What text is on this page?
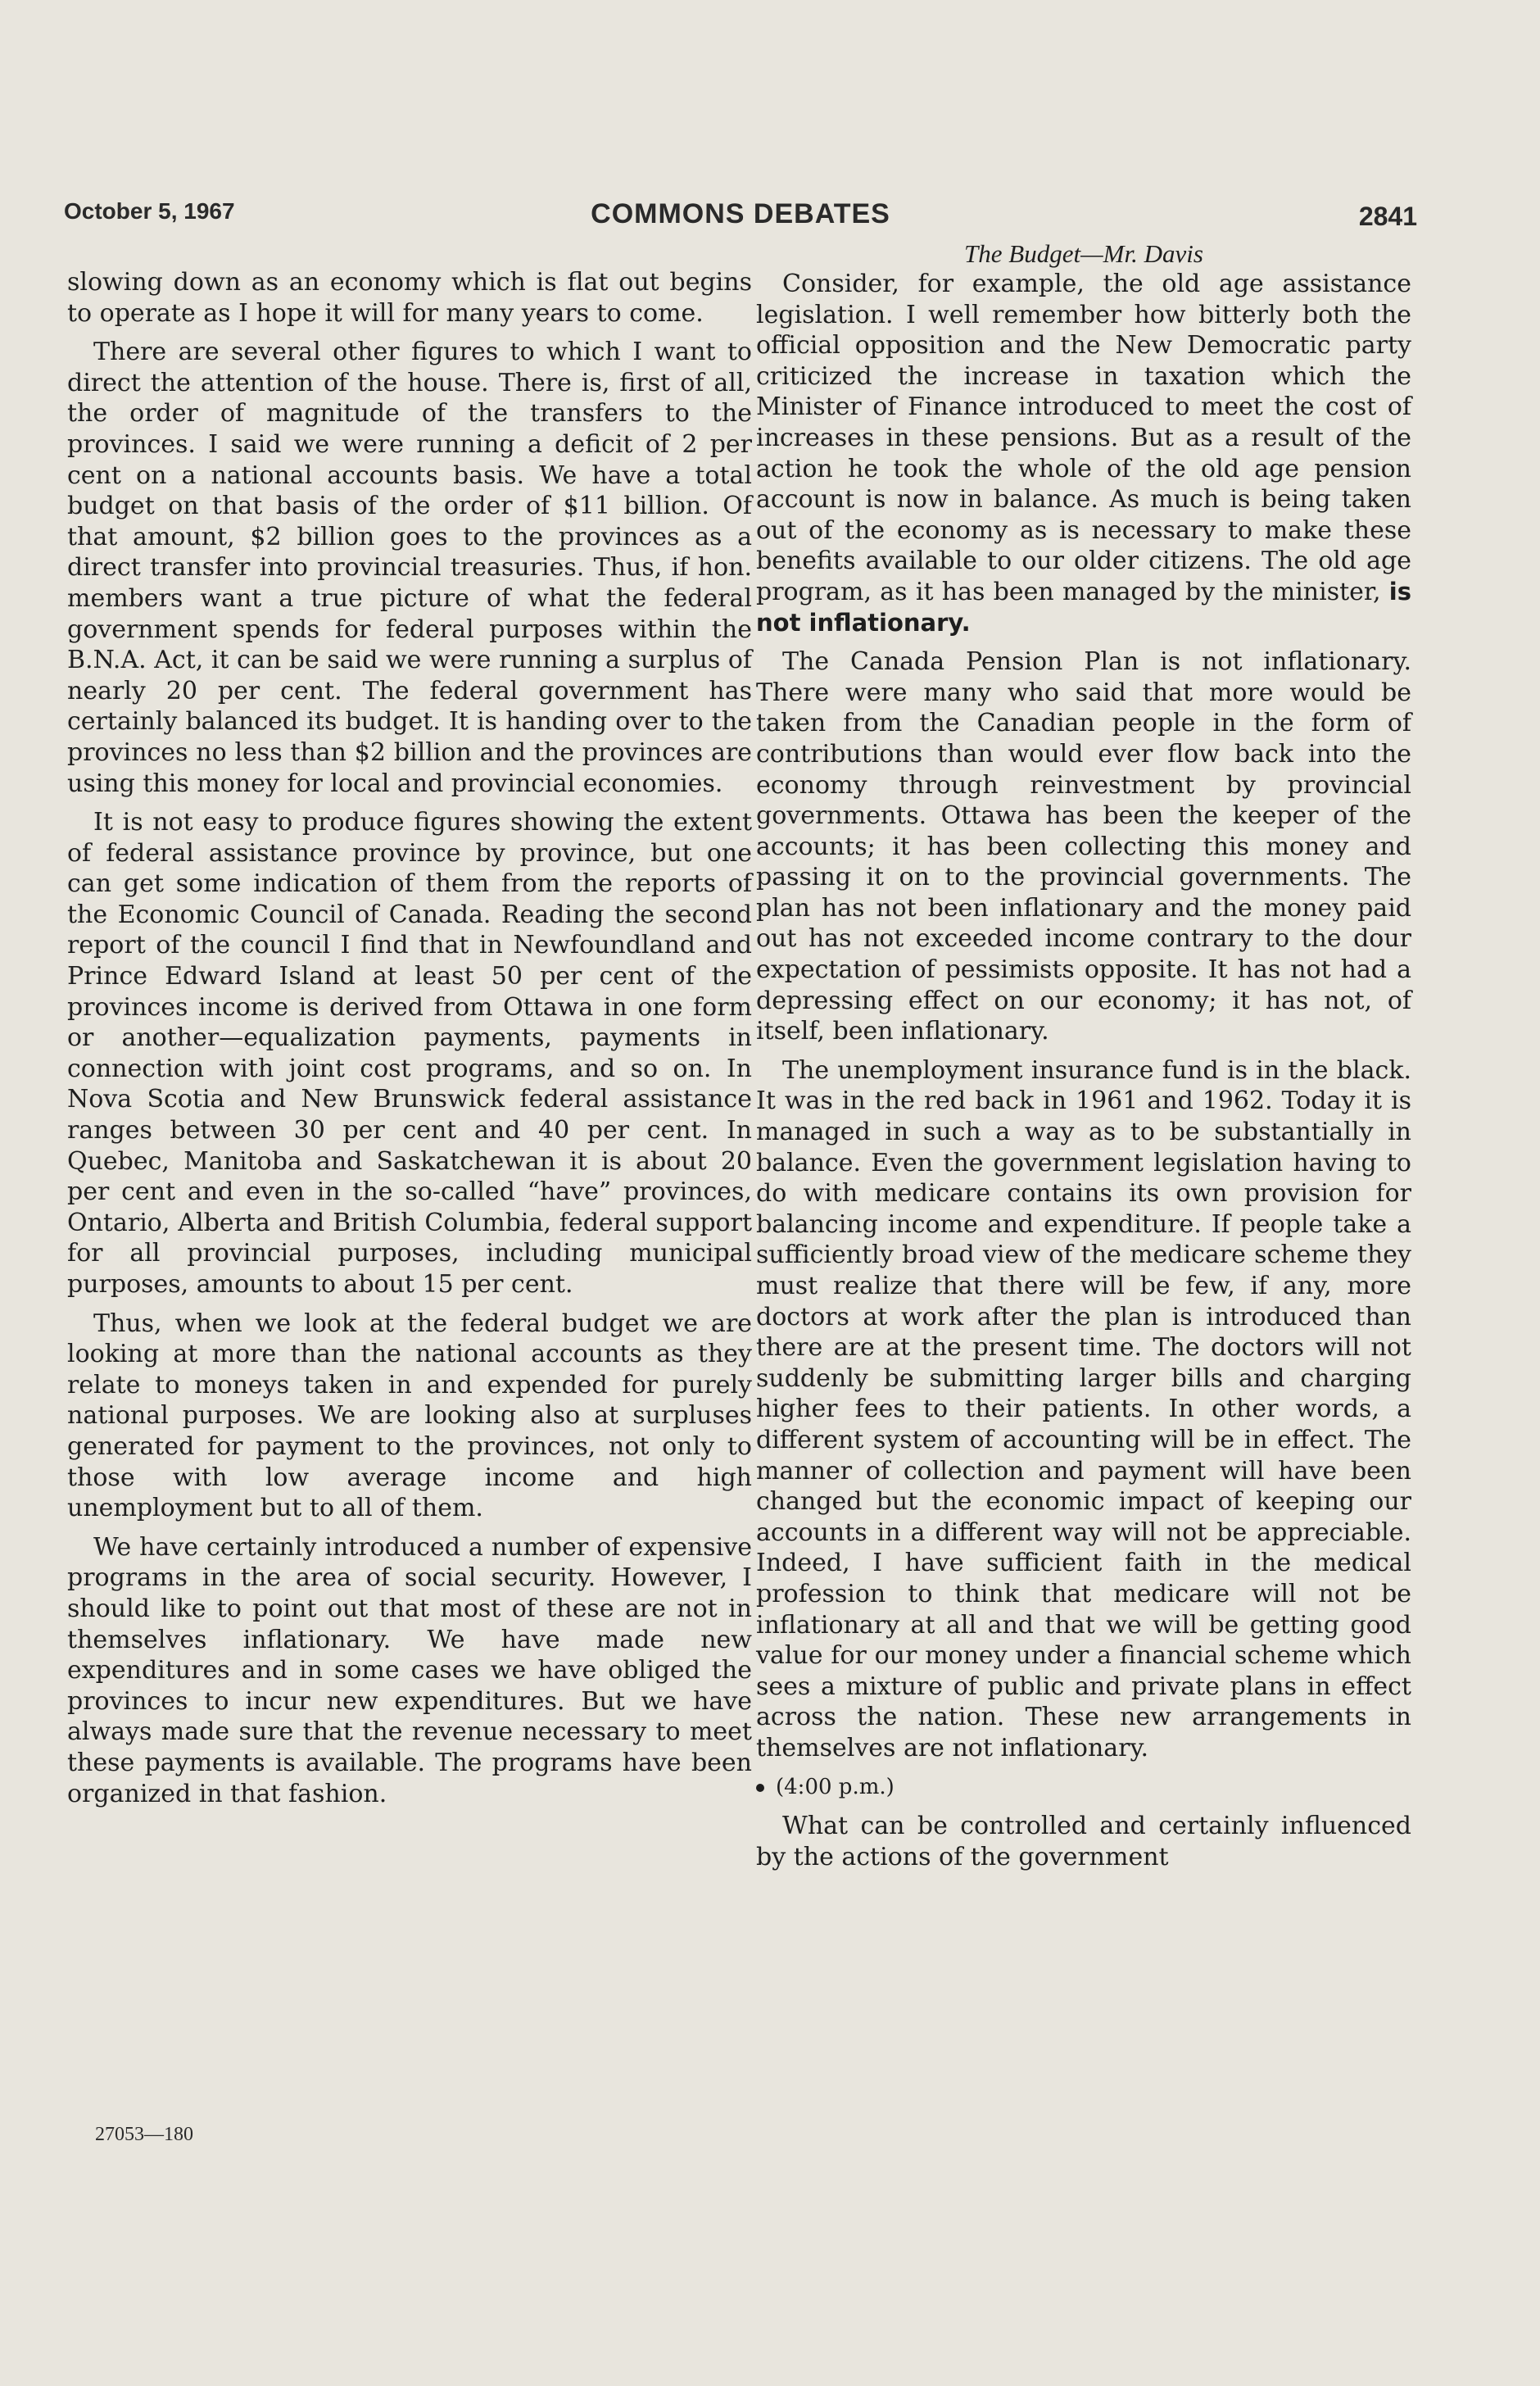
October 5, 1967	COMMONS DEBATES	2841

slowing down as an economy which is flat out begins to operate as I hope it will for many years to come.

There are several other figures to which I want to direct the attention of the house. There is, first of all, the order of magnitude of the transfers to the provinces. I said we were running a deficit of 2 per cent on a national accounts basis. We have a total budget on that basis of the order of $11 billion. Of that amount, $2 billion goes to the provinces as a direct transfer into provincial treasuries. Thus, if hon. members want a true picture of what the federal government spends for federal purposes within the B.N.A. Act, it can be said we were running a surplus of nearly 20 per cent. The federal government has certainly balanced its budget. It is handing over to the provinces no less than $2 billion and the provinces are using this money for local and provincial economies.

It is not easy to produce figures showing the extent of federal assistance province by province, but one can get some indication of them from the reports of the Economic Council of Canada. Reading the second report of the council I find that in Newfoundland and Prince Edward Island at least 50 per cent of the provinces income is derived from Ottawa in one form or another—equalization payments, payments in connection with joint cost programs, and so on. In Nova Scotia and New Brunswick federal assistance ranges between 30 per cent and 40 per cent. In Quebec, Manitoba and Saskatchewan it is about 20 per cent and even in the so-called “have” provinces, Ontario, Alberta and British Columbia, federal support for all provincial purposes, including municipal purposes, amounts to about 15 per cent.

Thus, when we look at the federal budget we are looking at more than the national accounts as they relate to moneys taken in and expended for purely national purposes. We are looking also at surpluses generated for payment to the provinces, not only to those with low average income and high unemployment but to all of them.

We have certainly introduced a number of expensive programs in the area of social security. However, I should like to point out that most of these are not in themselves inflationary. We have made new expenditures and in some cases we have obliged the provinces to incur new expenditures. But we have always made sure that the revenue necessary to meet these payments is available. The programs have been organized in that fashion.

The Budget—Mr. Davis

Consider, for example, the old age assistance legislation. I well remember how bitterly both the official opposition and the New Democratic party criticized the increase in taxation which the Minister of Finance introduced to meet the cost of increases in these pensions. But as a result of the action he took the whole of the old age pension account is now in balance. As much is being taken out of the economy as is necessary to make these benefits available to our older citizens. The old age program, as it has been managed by the minister, is not inflationary.

The Canada Pension Plan is not inflationary. There were many who said that more would be taken from the Canadian people in the form of contributions than would ever flow back into the economy through reinvestment by provincial governments. Ottawa has been the keeper of the accounts; it has been collecting this money and passing it on to the provincial governments. The plan has not been inflationary and the money paid out has not exceeded income contrary to the dour expectation of pessimists opposite. It has not had a depressing effect on our economy; it has not, of itself, been inflationary.

The unemployment insurance fund is in the black. It was in the red back in 1961 and 1962. Today it is managed in such a way as to be substantially in balance. Even the government legislation having to do with medicare contains its own provision for balancing income and expenditure. If people take a sufficiently broad view of the medicare scheme they must realize that there will be few, if any, more doctors at work after the plan is introduced than there are at the present time. The doctors will not suddenly be submitting larger bills and charging higher fees to their patients. In other words, a different system of accounting will be in effect. The manner of collection and payment will have been changed but the economic impact of keeping our accounts in a different way will not be appreciable. Indeed, I have sufficient faith in the medical profession to think that medicare will not be inflationary at all and that we will be getting good value for our money under a financial scheme which sees a mixture of public and private plans in effect across the nation. These new arrangements in themselves are not inflationary.

(4:00 p.m.)

What can be controlled and certainly influenced by the actions of the government

27053—180
